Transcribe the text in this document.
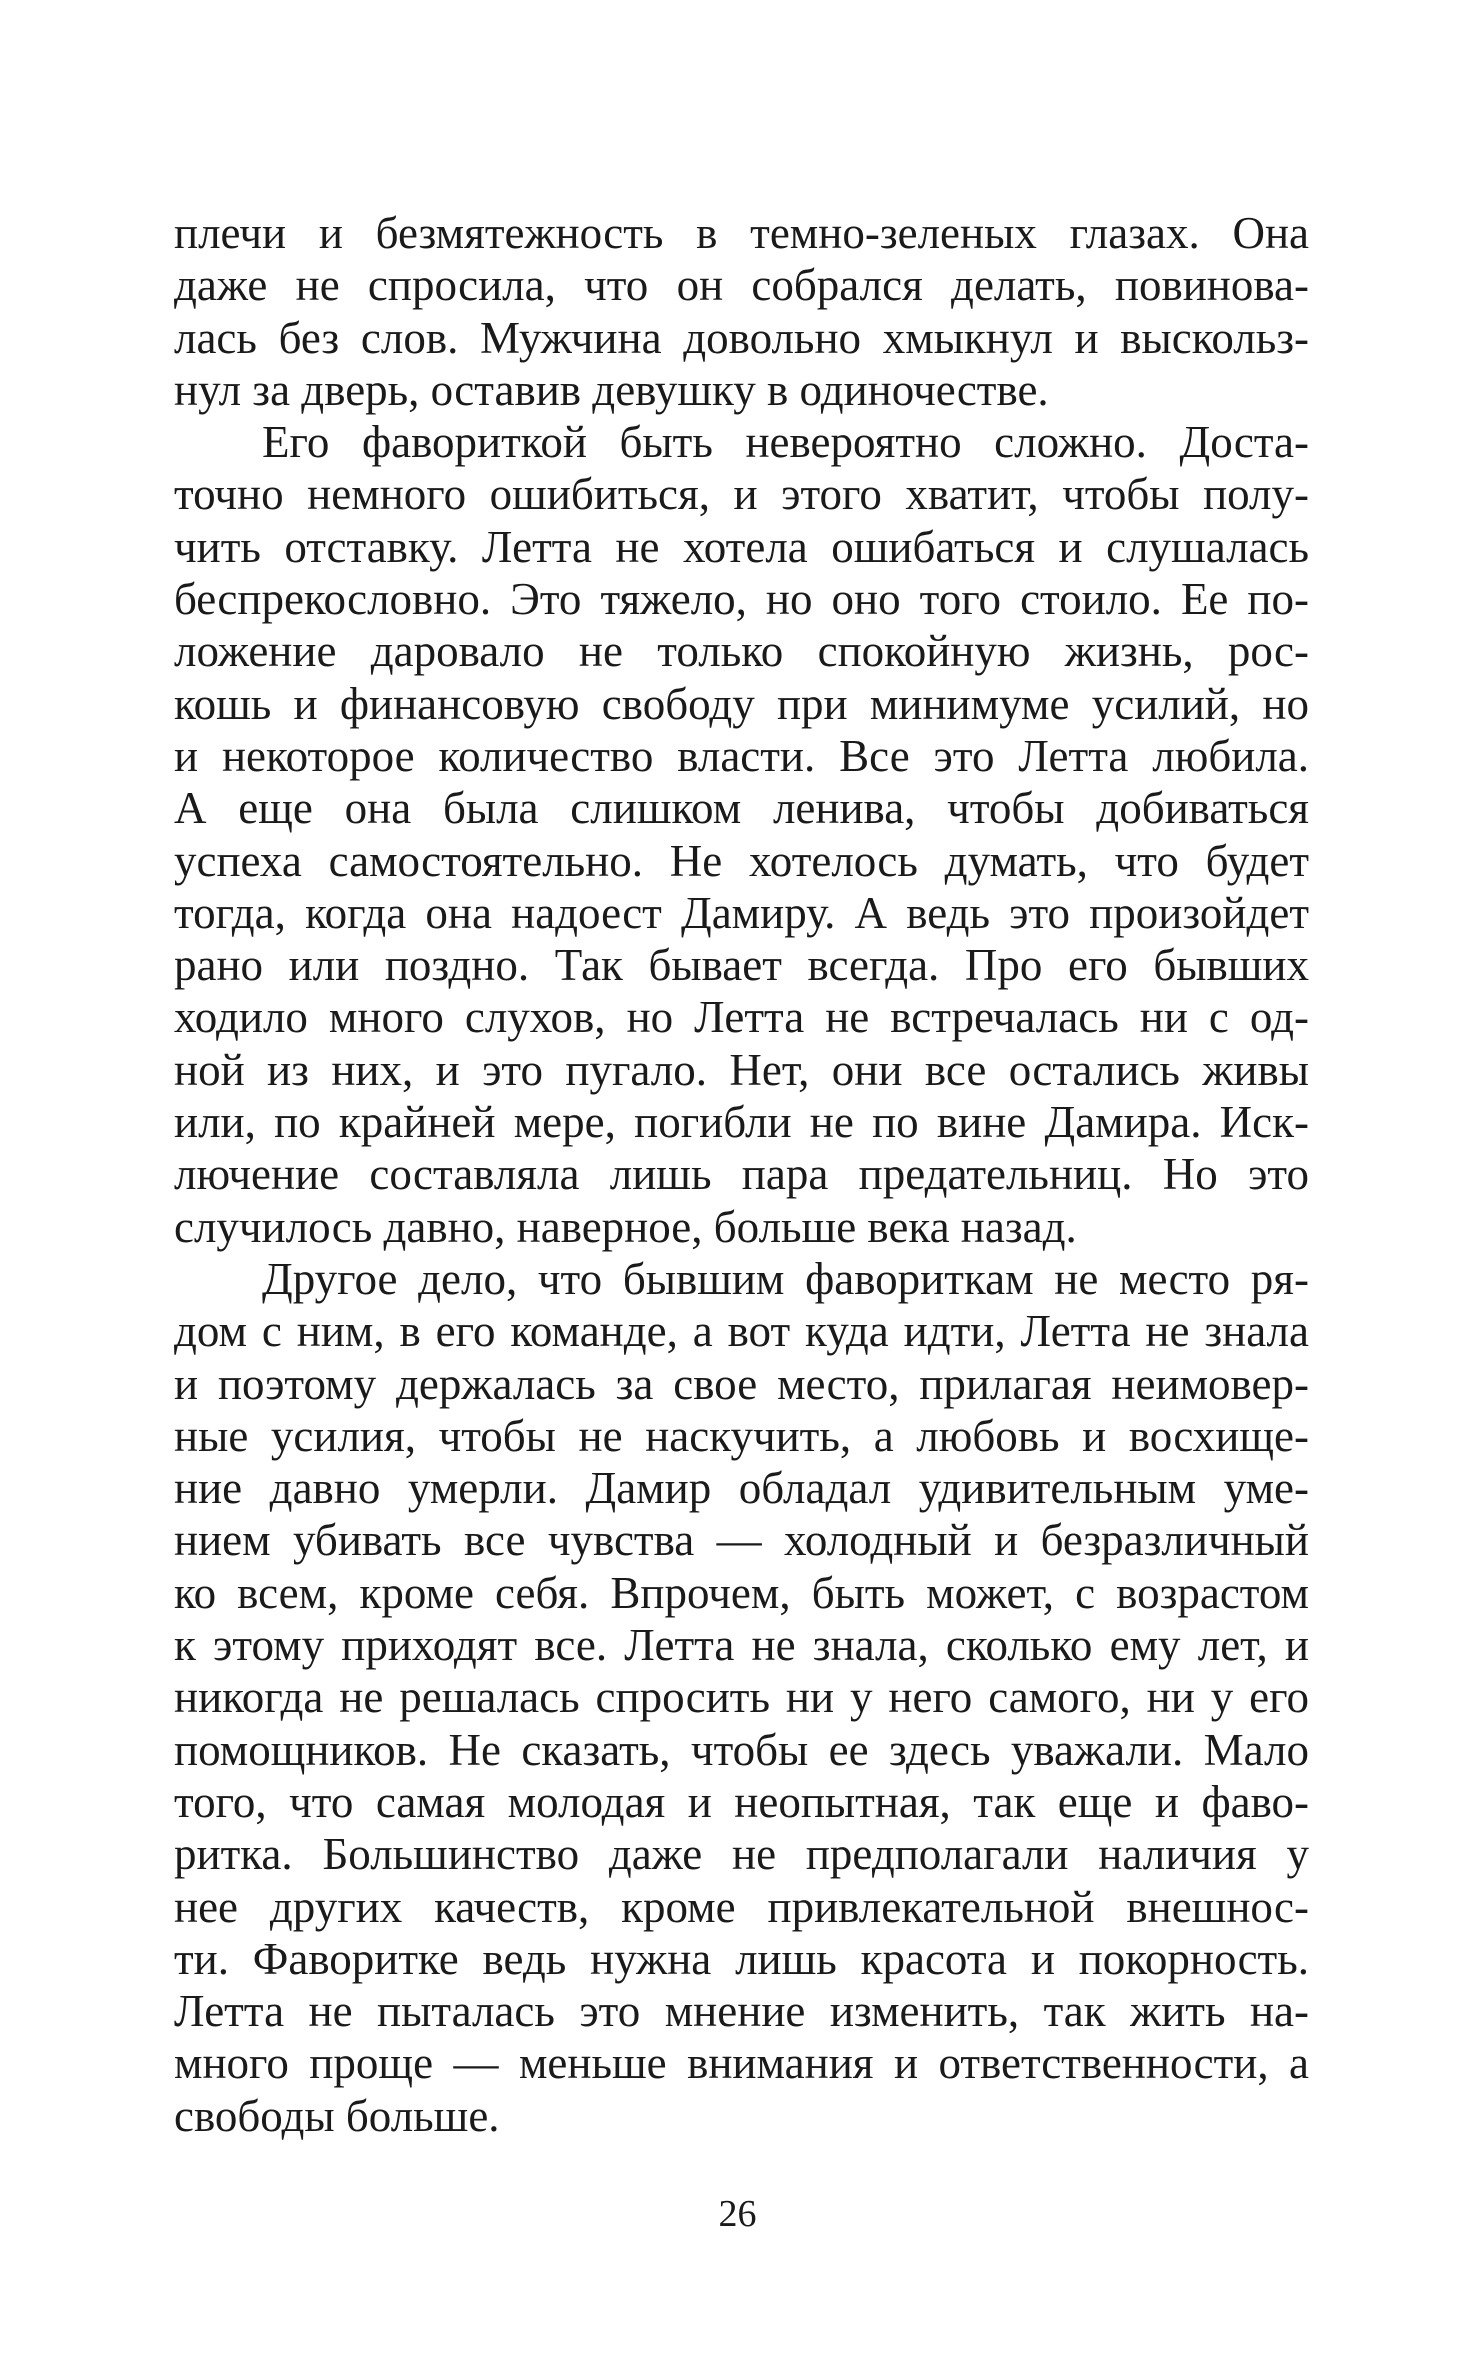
плечи и безмятежность в темно-зеленых глазах. Она
даже не спросила, что он собрался делать, повинова-
лась без слов. Мужчина довольно хмыкнул и выскольз-
нул за дверь, оставив девушку в одиночестве.
Его фавориткой быть невероятно сложно. Доста-
точно немного ошибиться, и этого хватит, чтобы полу-
чить отставку. Летта не хотела ошибаться и слушалась
беспрекословно. Это тяжело, но оно того стоило. Ее по-
ложение даровало не только спокойную жизнь, рос-
кошь и финансовую свободу при минимуме усилий, но
и некоторое количество власти. Все это Летта любила.
А еще она была слишком ленива, чтобы добиваться
успеха самостоятельно. Не хотелось думать, что будет
тогда, когда она надоест Дамиру. А ведь это произойдет
рано или поздно. Так бывает всегда. Про его бывших
ходило много слухов, но Летта не встречалась ни с од-
ной из них, и это пугало. Нет, они все остались живы
или, по крайней мере, погибли не по вине Дамира. Иск-
лючение составляла лишь пара предательниц. Но это
случилось давно, наверное, больше века назад.
Другое дело, что бывшим фавориткам не место ря-
дом с ним, в его команде, а вот куда идти, Летта не знала
и поэтому держалась за свое место, прилагая неимовер-
ные усилия, чтобы не наскучить, а любовь и восхище-
ние давно умерли. Дамир обладал удивительным уме-
нием убивать все чувства — холодный и безразличный
ко всем, кроме себя. Впрочем, быть может, с возрастом
к этому приходят все. Летта не знала, сколько ему лет, и
никогда не решалась спросить ни у него самого, ни у его
помощников. Не сказать, чтобы ее здесь уважали. Мало
того, что самая молодая и неопытная, так еще и фаво-
ритка. Большинство даже не предполагали наличия у
нее других качеств, кроме привлекательной внешнос-
ти. Фаворитке ведь нужна лишь красота и покорность.
Летта не пыталась это мнение изменить, так жить на-
много проще — меньше внимания и ответственности, а
свободы больше.
26
